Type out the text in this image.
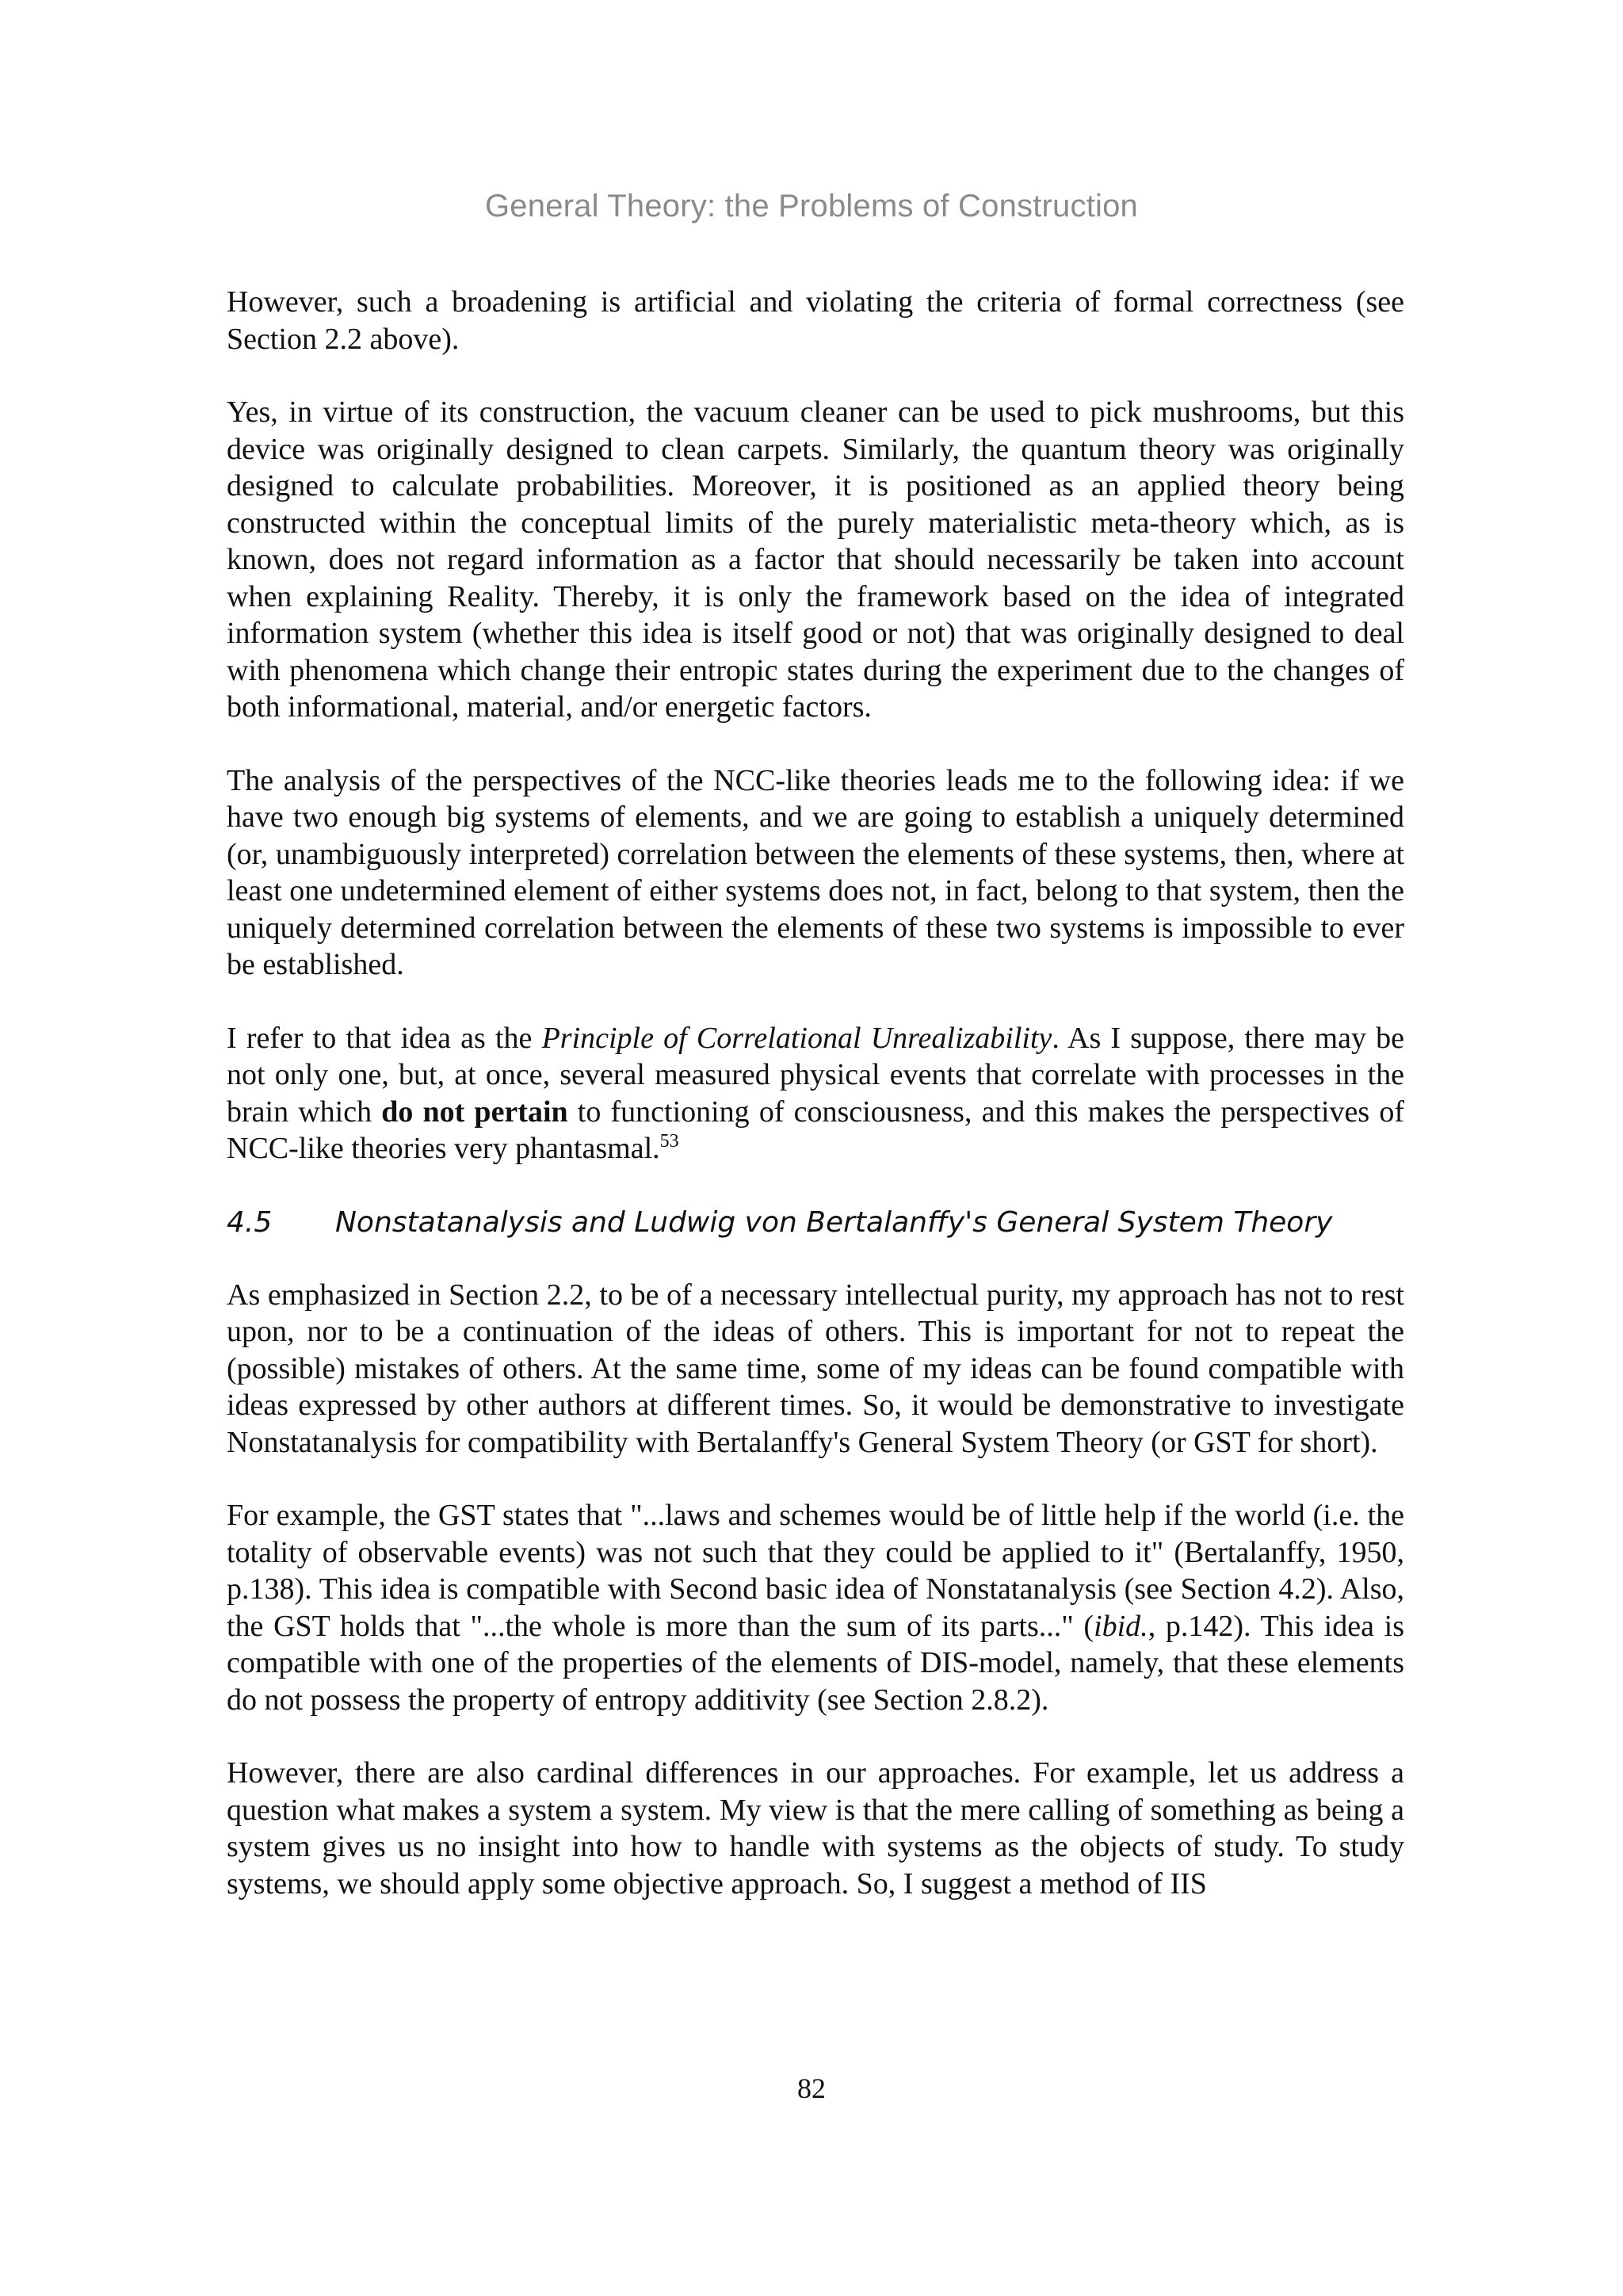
General Theory: the Problems of Construction

However, such a broadening is artificial and violating the criteria of formal correctness (see Section 2.2 above).

Yes, in virtue of its construction, the vacuum cleaner can be used to pick mushrooms, but this device was originally designed to clean carpets. Similarly, the quantum theory was originally designed to calculate probabilities. Moreover, it is positioned as an applied theory being constructed within the conceptual limits of the purely materialistic meta-theory which, as is known, does not regard information as a factor that should necessarily be taken into account when explaining Reality. Thereby, it is only the framework based on the idea of integrated information system (whether this idea is itself good or not) that was originally designed to deal with phenomena which change their entropic states during the experiment due to the changes of both informational, material, and/or energetic factors.

The analysis of the perspectives of the NCC-like theories leads me to the following idea: if we have two enough big systems of elements, and we are going to establish a uniquely determined (or, unambiguously interpreted) correlation between the elements of these systems, then, where at least one undetermined element of either systems does not, in fact, belong to that system, then the uniquely determined correlation between the elements of these two systems is impossible to ever be established.

I refer to that idea as the Principle of Correlational Unrealizability. As I suppose, there may be not only one, but, at once, several measured physical events that correlate with processes in the brain which do not pertain to functioning of consciousness, and this makes the perspectives of NCC-like theories very phantasmal.$^{53}$

4.5 Nonstatanalysis and Ludwig von Bertalanffy's General System Theory

As emphasized in Section 2.2, to be of a necessary intellectual purity, my approach has not to rest upon, nor to be a continuation of the ideas of others. This is important for not to repeat the (possible) mistakes of others. At the same time, some of my ideas can be found compatible with ideas expressed by other authors at different times. So, it would be demonstrative to investigate Nonstatanalysis for compatibility with Bertalanffy's General System Theory (or GST for short).

For example, the GST states that "...laws and schemes would be of little help if the world (i.e. the totality of observable events) was not such that they could be applied to it" (Bertalanffy, 1950, p.138). This idea is compatible with Second basic idea of Nonstatanalysis (see Section 4.2). Also, the GST holds that "...the whole is more than the sum of its parts..." (ibid., p.142). This idea is compatible with one of the properties of the elements of DIS-model, namely, that these elements do not possess the property of entropy additivity (see Section 2.8.2).

However, there are also cardinal differences in our approaches. For example, let us address a question what makes a system a system. My view is that the mere calling of something as being a system gives us no insight into how to handle with systems as the objects of study. To study systems, we should apply some objective approach. So, I suggest a method of IIS

82
